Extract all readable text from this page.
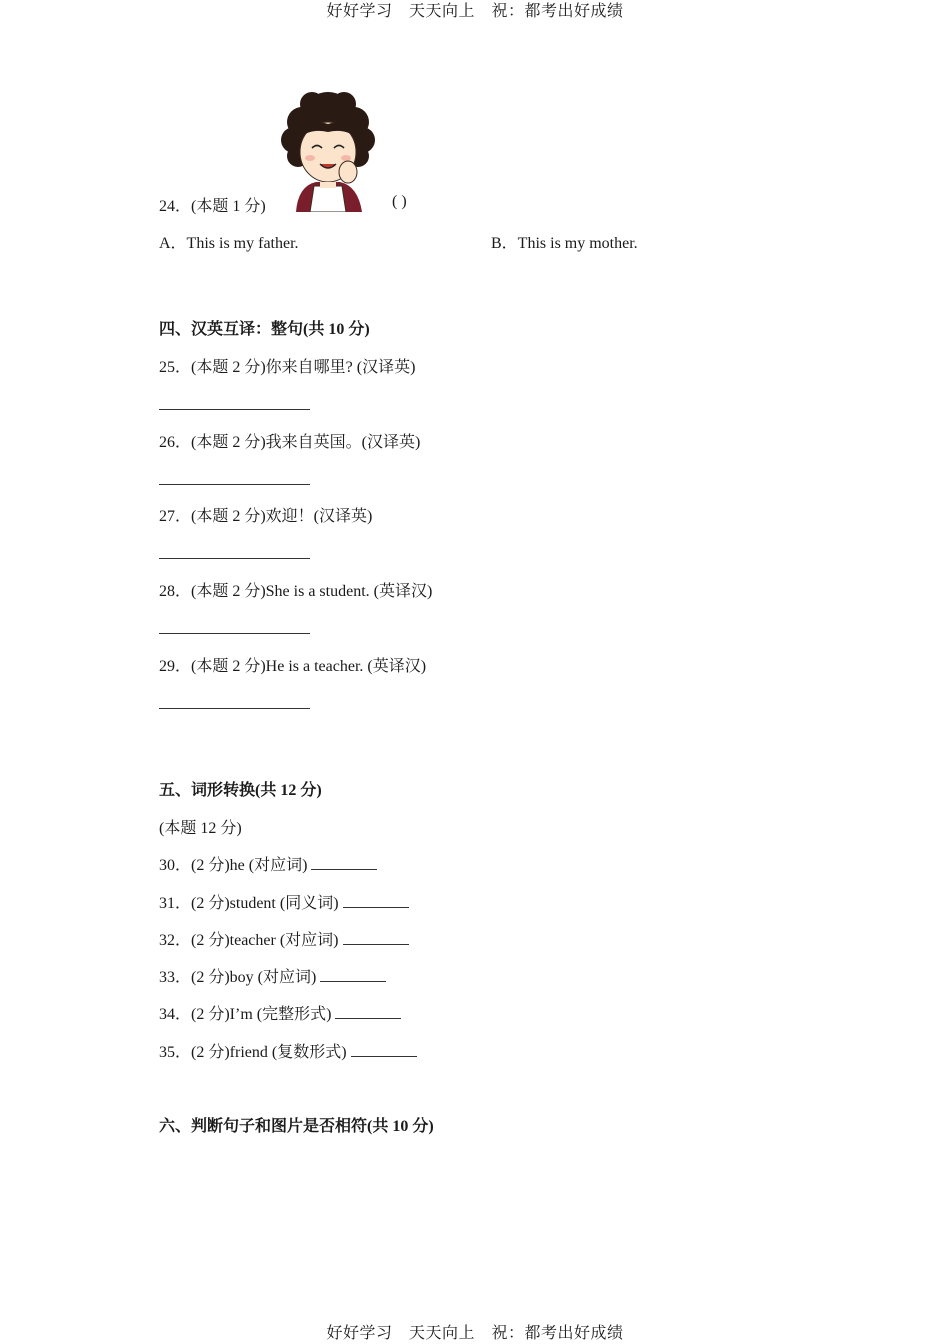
好好学习　天天向上　祝：都考出好成绩
24．(本题 1 分)	( )
A．This is my father.	B．This is my mother.
四、汉英互译：整句(共 10 分)
25．(本题 2 分)你来自哪里? (汉译英)
26．(本题 2 分)我来自英国。(汉译英)
27．(本题 2 分)欢迎！(汉译英)
28．(本题 2 分)She is a student. (英译汉)
29．(本题 2 分)He is a teacher. (英译汉)
五、词形转换(共 12 分)
(本题 12 分)
30．(2 分)he (对应词)
31．(2 分)student (同义词)
32．(2 分)teacher (对应词)
33．(2 分)boy (对应词)
34．(2 分)I’m (完整形式)
35．(2 分)friend (复数形式)
六、判断句子和图片是否相符(共 10 分)
好好学习　天天向上　祝：都考出好成绩
